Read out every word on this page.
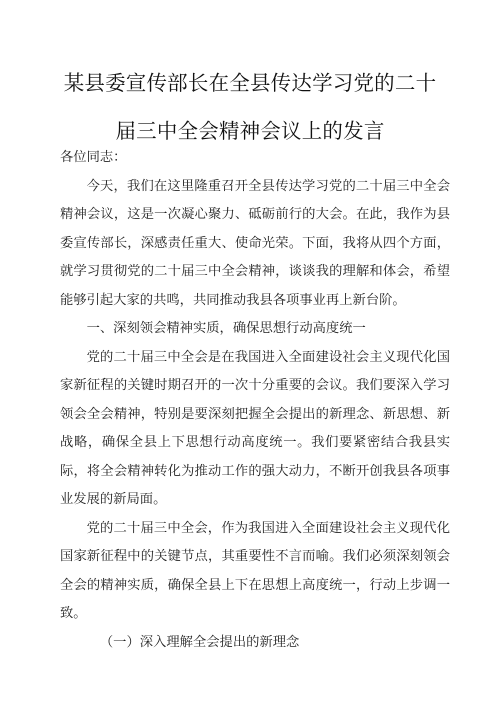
某县委宣传部长在全县传达学习党的二十
届三中全会精神会议上的发言

各位同志：

今天，我们在这里隆重召开全县传达学习党的二十届三中全会精神会议，这是一次凝心聚力、砥砺前行的大会。在此，我作为县委宣传部长，深感责任重大、使命光荣。下面，我将从四个方面，就学习贯彻党的二十届三中全会精神，谈谈我的理解和体会，希望能够引起大家的共鸣，共同推动我县各项事业再上新台阶。

一、深刻领会精神实质，确保思想行动高度统一

党的二十届三中全会是在我国进入全面建设社会主义现代化国家新征程的关键时期召开的一次十分重要的会议。我们要深入学习领会全会精神，特别是要深刻把握全会提出的新理念、新思想、新战略，确保全县上下思想行动高度统一。我们要紧密结合我县实际，将全会精神转化为推动工作的强大动力，不断开创我县各项事业发展的新局面。

党的二十届三中全会，作为我国进入全面建设社会主义现代化国家新征程中的关键节点，其重要性不言而喻。我们必须深刻领会全会的精神实质，确保全县上下在思想上高度统一，行动上步调一致。

（一）深入理解全会提出的新理念
